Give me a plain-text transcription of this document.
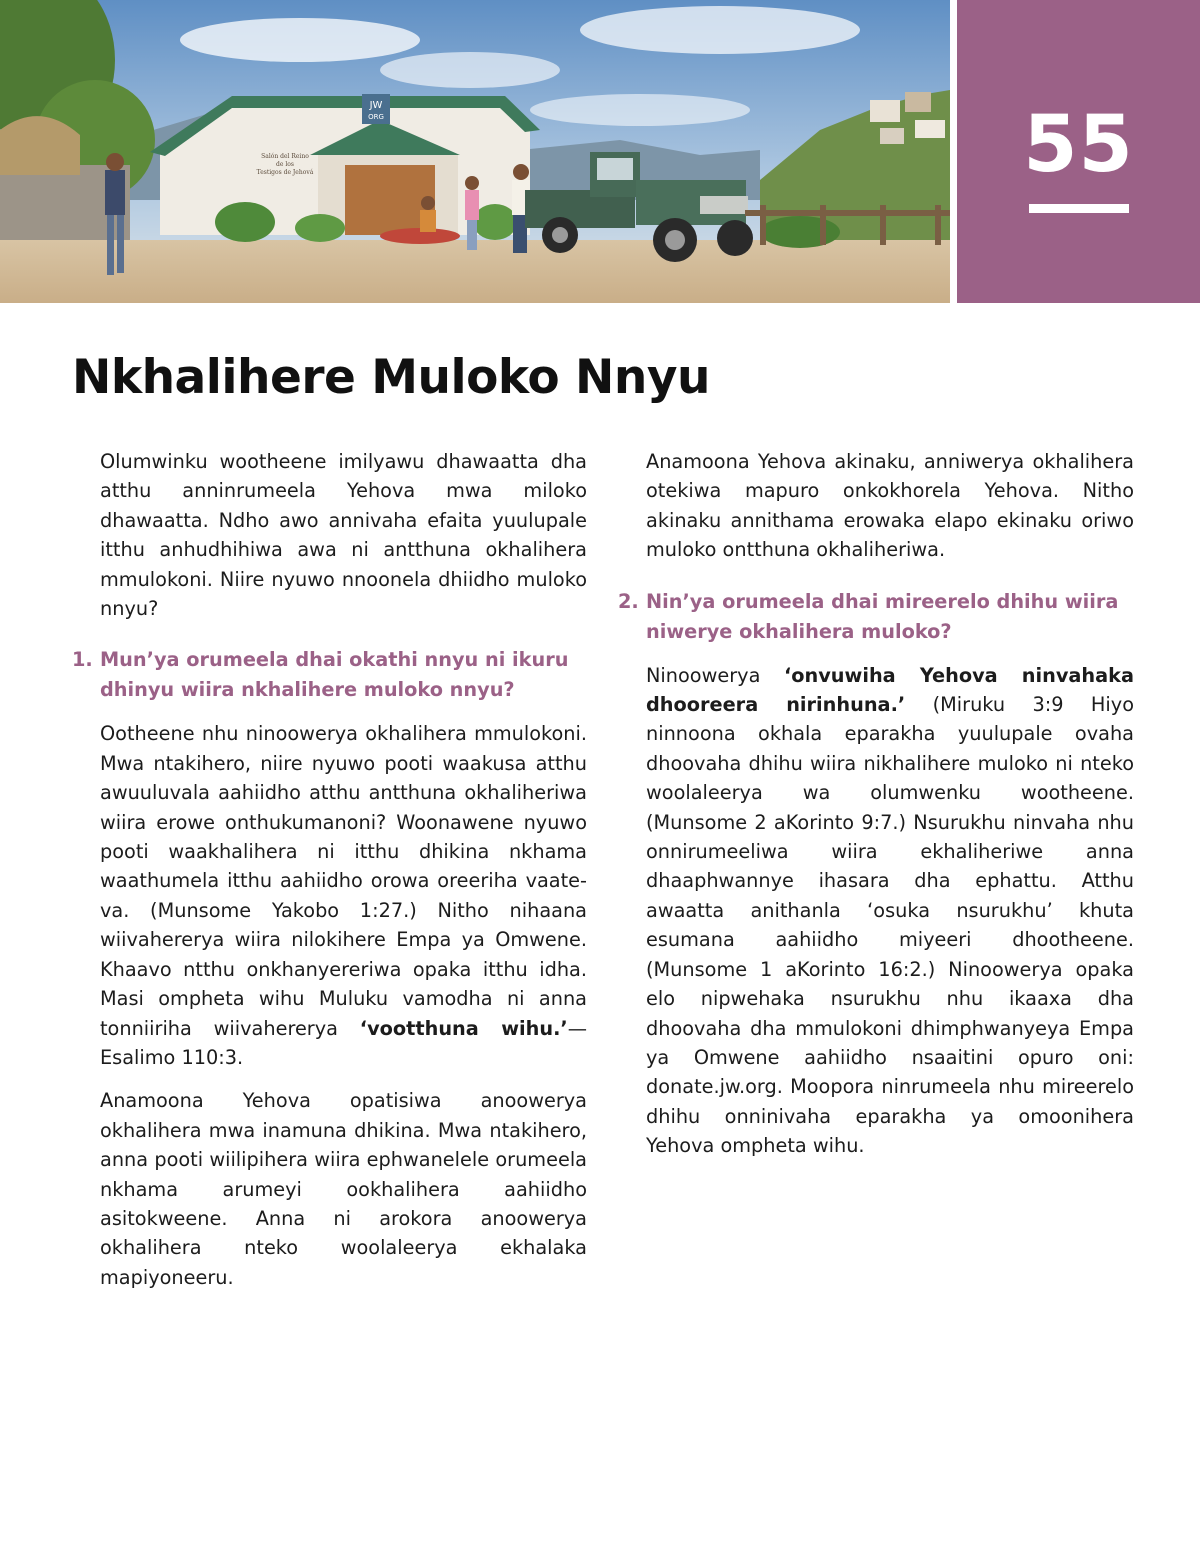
JW
ORG
Salón del Reino
de los
Testigos de Jehová	55
Nkhalihere Muloko Nnyu

Olumwinku wootheene imilyawu dhawaatta dha atthu anninrumeela Yehova mwa miloko dhawaatta. Ndho awo annivaha efaita yuulupale itthu anhudhihiwa awa ni antthuna okhalihera mmulokoni. Niire nyuwo nnoonela dhiidho muloko nnyu?

1. Mun’ya orumeela dhai okathi nnyu ni ikuru dhinyu wiira nkhalihere muloko nnyu?

Ootheene nhu ninoowerya okhalihera mmulokoni. Mwa ntakihero, niire nyuwo pooti waakusa atthu awuuluvala aahiidho atthu antthuna okhaliheriwa wiira erowe onthukumanoni? Woonawene nyuwo pooti waakhalihera ni itthu dhikina nkhama waathumela itthu aahiidho orowa oreeriha vaate-va. (Munsome Yakobo 1:27.) Nitho nihaana wiivahererya wiira nilokihere Empa ya Omwene. Khaavo ntthu onkhanyereriwa opaka itthu idha. Masi ompheta wihu Muluku vamodha ni anna tonniiriha wiivahererya ‘vootthuna wihu.’—Esalimo 110:3.

Anamoona Yehova opatisiwa anoowerya okhalihera mwa inamuna dhikina. Mwa ntakihero, anna pooti wiilipihera wiira ephwanelele orumeela nkhama arumeyi ookhalihera aahiidho asitokweene. Anna ni arokora anoowerya okhalihera nteko woolaleerya ekhalaka mapiyoneeru.

Anamoona Yehova akinaku, anniwerya okhalihera otekiwa mapuro onkokhorela Yehova. Nitho akinaku annithama erowaka elapo ekinaku oriwo muloko ontthuna okhaliheriwa.

2. Nin’ya orumeela dhai mireerelo dhihu wiira niwerye okhalihera muloko?

Ninoowerya ‘onvuwiha Yehova ninvahaka dhooreera nirinhuna.’ (Miruku 3:9 Hiyo ninnoona okhala eparakha yuulupale ovaha dhoovaha dhihu wiira nikhalihere muloko ni nteko woolaleerya wa olumwenku wootheene. (Munsome 2 aKorinto 9:7.) Nsurukhu ninvaha nhu onnirumeeliwa wiira ekhaliheriwe anna dhaaphwannye ihasara dha ephattu. Atthu awaatta anithanla ‘osuka nsurukhu’ khuta esumana aahiidho miyeeri dhootheene. (Munsome 1 aKorinto 16:2.) Ninoowerya opaka elo nipwehaka nsurukhu nhu ikaaxa dha dhoovaha dha mmulokoni dhimphwanyeya Empa ya Omwene aahiidho nsaaitini opuro oni: donate.jw.org. Moopora ninrumeela nhu mireerelo dhihu onninivaha eparakha ya omoonihera Yehova ompheta wihu.
